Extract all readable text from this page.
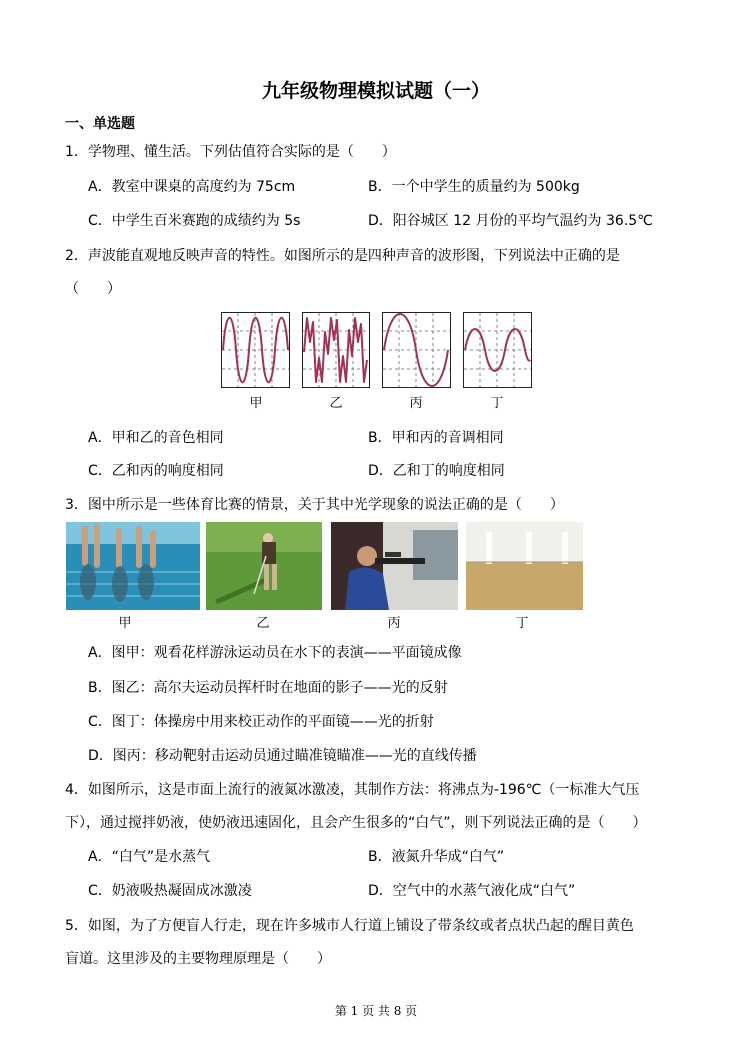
九年级物理模拟试题（一）
一、单选题
1．学物理、懂生活。下列估值符合实际的是（　　）
A．教室中课桌的高度约为 75cm	B．一个中学生的质量约为 500kg
C．中学生百米赛跑的成绩约为 5s	D．阳谷城区 12 月份的平均气温约为 36.5℃
2．声波能直观地反映声音的特性。如图所示的是四种声音的波形图，下列说法中正确的是
（　　）
甲	乙	丙	丁
A．甲和乙的音色相同	B．甲和丙的音调相同
C．乙和丙的响度相同	D．乙和丁的响度相同
3．图中所示是一些体育比赛的情景，关于其中光学现象的说法正确的是（　　）
甲	乙	丙	丁
A．图甲：观看花样游泳运动员在水下的表演——平面镜成像
B．图乙：高尔夫运动员挥杆时在地面的影子——光的反射
C．图丁：体操房中用来校正动作的平面镜——光的折射
D．图丙：移动靶射击运动员通过瞄准镜瞄准——光的直线传播
4．如图所示，这是市面上流行的液氮冰激凌，其制作方法：将沸点为-196℃（一标准大气压
下），通过搅拌奶液，使奶液迅速固化，且会产生很多的“白气”，则下列说法正确的是（　　）
A．“白气”是水蒸气	B．液氮升华成“白气”
C．奶液吸热凝固成冰激凌	D．空气中的水蒸气液化成“白气”
5．如图，为了方便盲人行走，现在许多城市人行道上铺设了带条纹或者点状凸起的醒目黄色
盲道。这里涉及的主要物理原理是（　　）
第 1 页 共 8 页
